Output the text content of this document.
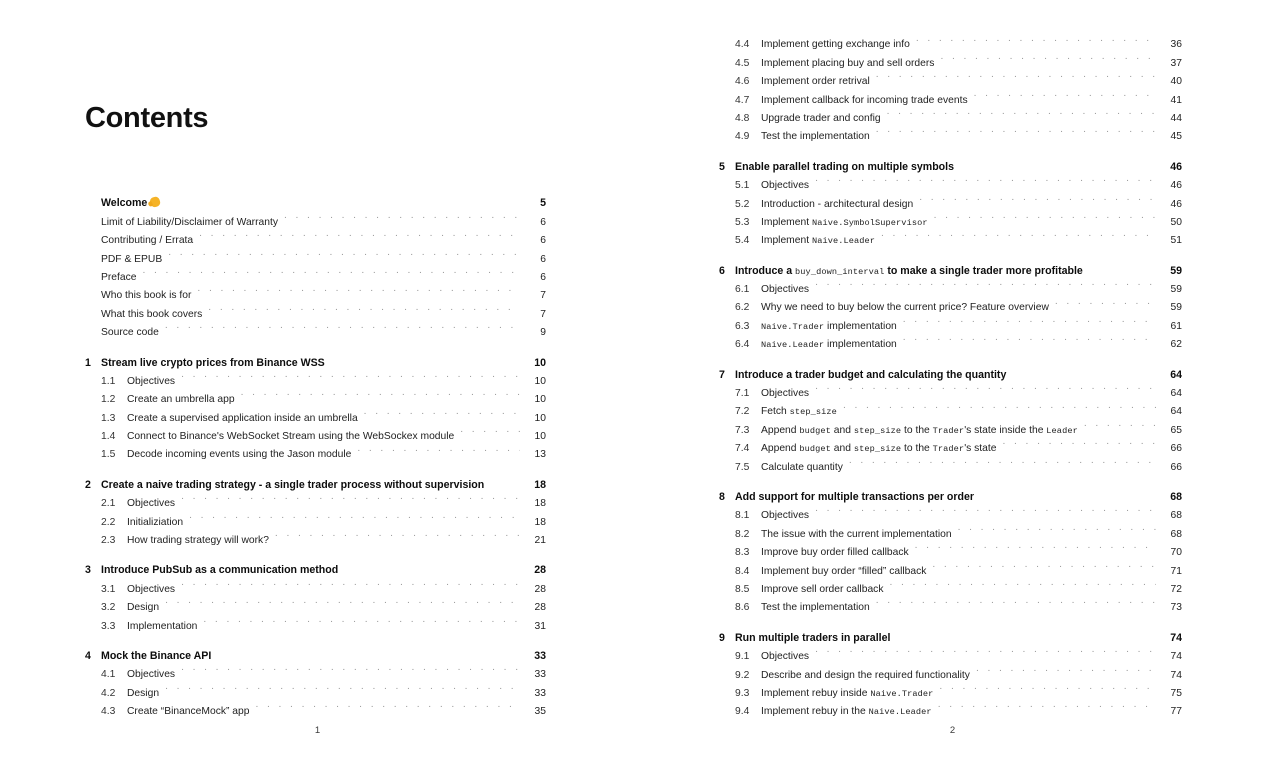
Contents
Welcome	5
Limit of Liability/Disclaimer of Warranty . . .	6
Contributing / Errata . . .	6
PDF & EPUB . . .	6
Preface . . .	6
Who this book is for . . .	7
What this book covers . . .	7
Source code . . .	9
1 Stream live crypto prices from Binance WSS	10
1.1	Objectives . . .	10
1.2	Create an umbrella app . . .	10
1.3	Create a supervised application inside an umbrella . . .	10
1.4	Connect to Binance's WebSocket Stream using the WebSockex module . . .	10
1.5	Decode incoming events using the Jason module . . .	13
2 Create a naive trading strategy - a single trader process without supervision	18
2.1	Objectives . . .	18
2.2	Initializiation . . .	18
2.3	How trading strategy will work? . . .	21
3 Introduce PubSub as a communication method	28
3.1	Objectives . . .	28
3.2	Design . . .	28
3.3	Implementation . . .	31
4 Mock the Binance API	33
4.1	Objectives . . .	33
4.2	Design . . .	33
4.3	Create “BinanceMock” app . . .	35
1
4.4	Implement getting exchange info . . .	36
4.5	Implement placing buy and sell orders . . .	37
4.6	Implement order retrival . . .	40
4.7	Implement callback for incoming trade events . . .	41
4.8	Upgrade trader and config . . .	44
4.9	Test the implementation . . .	45
5 Enable parallel trading on multiple symbols	46
5.1	Objectives . . .	46
5.2	Introduction - architectural design . . .	46
5.3	Implement Naive.SymbolSupervisor . . .	50
5.4	Implement Naive.Leader . . .	51
6 Introduce a buy_down_interval to make a single trader more profitable	59
6.1	Objectives . . .	59
6.2	Why we need to buy below the current price? Feature overview . . .	59
6.3	Naive.Trader implementation . . .	61
6.4	Naive.Leader implementation . . .	62
7 Introduce a trader budget and calculating the quantity	64
7.1	Objectives . . .	64
7.2	Fetch step_size . . .	64
7.3	Append budget and step_size to the Trader's state inside the Leader . . .	65
7.4	Append budget and step_size to the Trader's state . . .	66
7.5	Calculate quantity . . .	66
8 Add support for multiple transactions per order	68
8.1	Objectives . . .	68
8.2	The issue with the current implementation . . .	68
8.3	Improve buy order filled callback . . .	70
8.4	Implement buy order “filled” callback . . .	71
8.5	Improve sell order callback . . .	72
8.6	Test the implementation . . .	73
9 Run multiple traders in parallel	74
9.1	Objectives . . .	74
9.2	Describe and design the required functionality . . .	74
9.3	Implement rebuy inside Naive.Trader . . .	75
9.4	Implement rebuy in the Naive.Leader . . .	77
2
